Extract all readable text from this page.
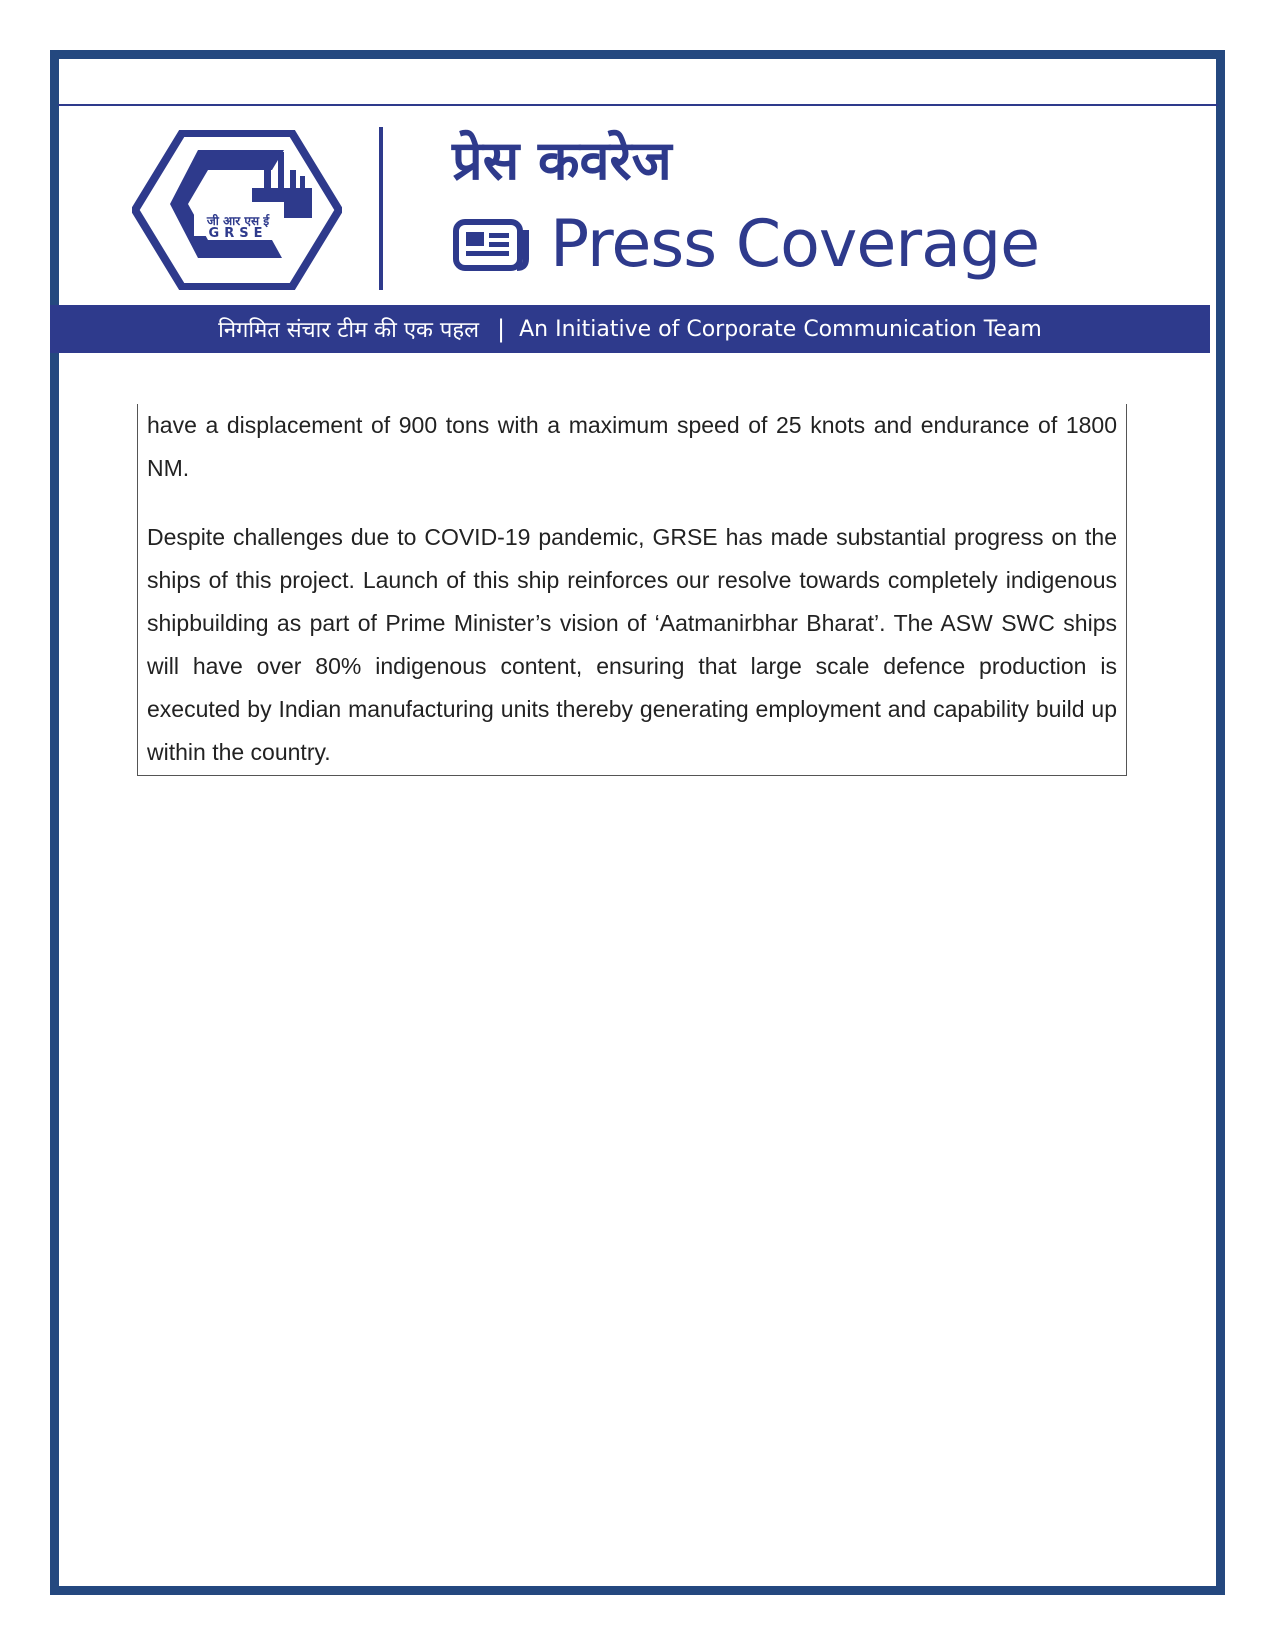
जी आर एस ई
GRSE
प्रेस कवरेज
Press Coverage
निगमित संचार टीम की एक पहल | An Initiative of Corporate Communication Team

have a displacement of 900 tons with a maximum speed of 25 knots and endurance of 1800 NM.

Despite challenges due to COVID-19 pandemic, GRSE has made substantial progress on the ships of this project. Launch of this ship reinforces our resolve towards completely indigenous shipbuilding as part of Prime Minister’s vision of ‘Aatmanirbhar Bharat’. The ASW SWC ships will have over 80% indigenous content, ensuring that large scale defence production is executed by Indian manufacturing units thereby generating employment and capability build up within the country.
